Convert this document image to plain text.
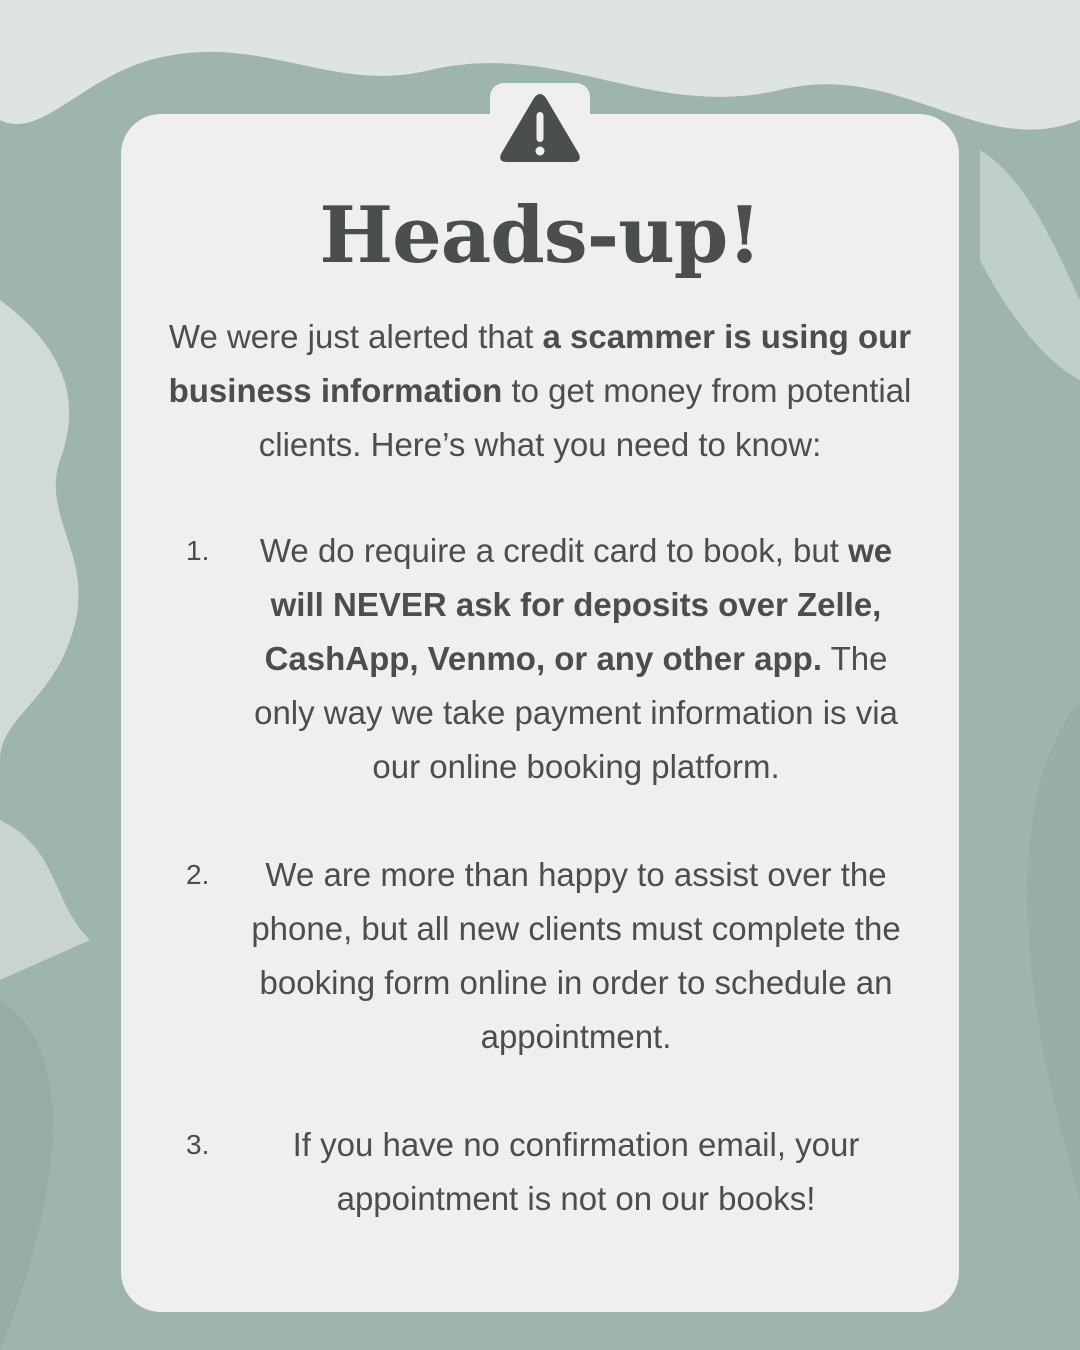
Heads-up!

We were just alerted that a scammer is using our business information to get money from potential clients. Here’s what you need to know:

1.	We do require a credit card to book, but we will NEVER ask for deposits over Zelle, CashApp, Venmo, or any other app. The only way we take payment information is via our online booking platform.
2.	We are more than happy to assist over the phone, but all new clients must complete the booking form online in order to schedule an appointment.
3.	If you have no confirmation email, your appointment is not on our books!
